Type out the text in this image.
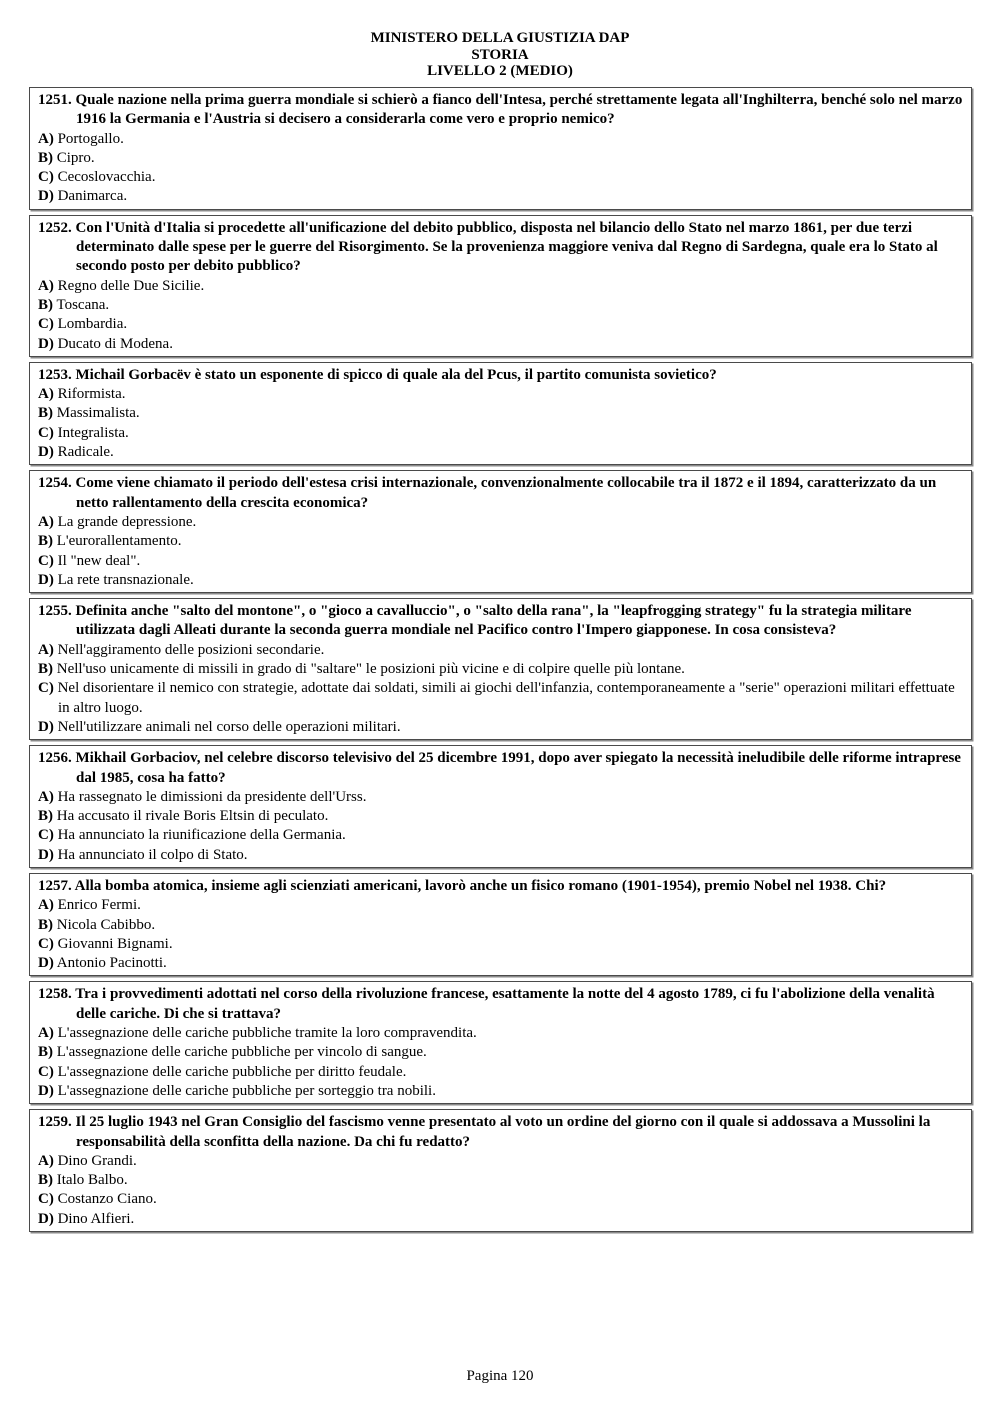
MINISTERO DELLA GIUSTIZIA DAP
STORIA
LIVELLO 2 (MEDIO)
1251. Quale nazione nella prima guerra mondiale si schierò a fianco dell'Intesa, perché strettamente legata all'Inghilterra, benché solo nel marzo 1916 la Germania e l'Austria si decisero a considerarla come vero e proprio nemico?
A) Portogallo.
B) Cipro.
C) Cecoslovacchia.
D) Danimarca.
1252. Con l'Unità d'Italia si procedette all'unificazione del debito pubblico, disposta nel bilancio dello Stato nel marzo 1861, per due terzi determinato dalle spese per le guerre del Risorgimento. Se la provenienza maggiore veniva dal Regno di Sardegna, quale era lo Stato al secondo posto per debito pubblico?
A) Regno delle Due Sicilie.
B) Toscana.
C) Lombardia.
D) Ducato di Modena.
1253. Michail Gorbacëv è stato un esponente di spicco di quale ala del Pcus, il partito comunista sovietico?
A) Riformista.
B) Massimalista.
C) Integralista.
D) Radicale.
1254. Come viene chiamato il periodo dell'estesa crisi internazionale, convenzionalmente collocabile tra il 1872 e il 1894, caratterizzato da un netto rallentamento della crescita economica?
A) La grande depressione.
B) L'eurorallentamento.
C) Il "new deal".
D) La rete transnazionale.
1255. Definita anche "salto del montone", o "gioco a cavalluccio", o "salto della rana", la "leapfrogging strategy" fu la strategia militare utilizzata dagli Alleati durante la seconda guerra mondiale nel Pacifico contro l'Impero giapponese. In cosa consisteva?
A) Nell'aggiramento delle posizioni secondarie.
B) Nell'uso unicamente di missili in grado di "saltare" le posizioni più vicine e di colpire quelle più lontane.
C) Nel disorientare il nemico con strategie, adottate dai soldati, simili ai giochi dell'infanzia, contemporaneamente a "serie" operazioni militari effettuate in altro luogo.
D) Nell'utilizzare animali nel corso delle operazioni militari.
1256. Mikhail Gorbaciov, nel celebre discorso televisivo del 25 dicembre 1991, dopo aver spiegato la necessità ineludibile delle riforme intraprese dal 1985, cosa ha fatto?
A) Ha rassegnato le dimissioni da presidente dell'Urss.
B) Ha accusato il rivale Boris Eltsin di peculato.
C) Ha annunciato la riunificazione della Germania.
D) Ha annunciato il colpo di Stato.
1257. Alla bomba atomica, insieme agli scienziati americani, lavorò anche un fisico romano (1901-1954), premio Nobel nel 1938. Chi?
A) Enrico Fermi.
B) Nicola Cabibbo.
C) Giovanni Bignami.
D) Antonio Pacinotti.
1258. Tra i provvedimenti adottati nel corso della rivoluzione francese, esattamente la notte del 4 agosto 1789, ci fu l'abolizione della venalità delle cariche. Di che si trattava?
A) L'assegnazione delle cariche pubbliche tramite la loro compravendita.
B) L'assegnazione delle cariche pubbliche per vincolo di sangue.
C) L'assegnazione delle cariche pubbliche per diritto feudale.
D) L'assegnazione delle cariche pubbliche per sorteggio tra nobili.
1259. Il 25 luglio 1943 nel Gran Consiglio del fascismo venne presentato al voto un ordine del giorno con il quale si addossava a Mussolini la responsabilità della sconfitta della nazione. Da chi fu redatto?
A) Dino Grandi.
B) Italo Balbo.
C) Costanzo Ciano.
D) Dino Alfieri.
Pagina 120
